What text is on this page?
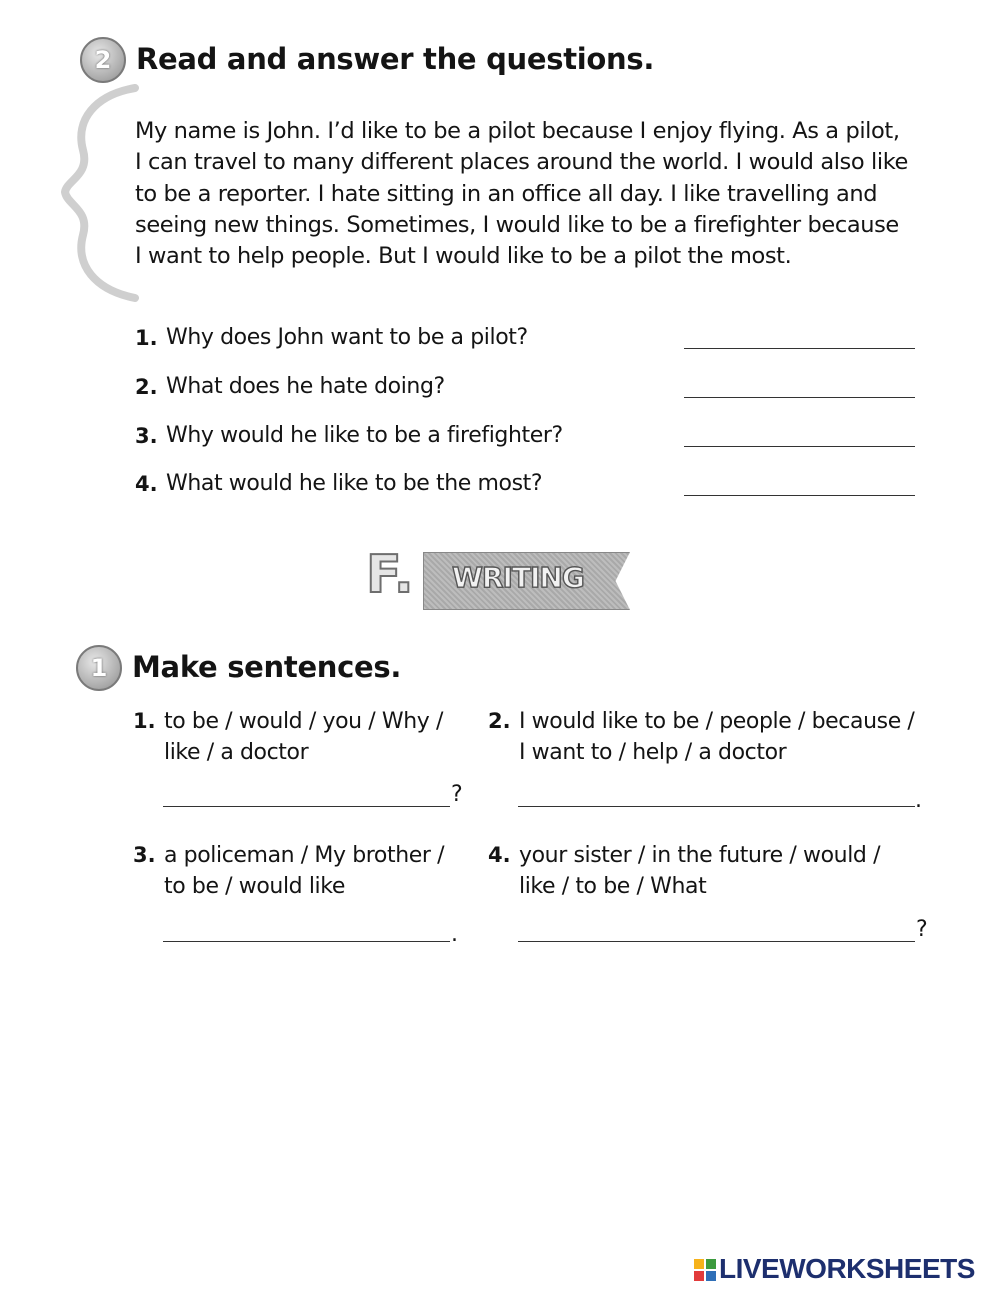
2 Read and answer the questions.
My name is John. I’d like to be a pilot because I enjoy flying. As a pilot,
I can travel to many different places around the world. I would also like
to be a reporter. I hate sitting in an office all day. I like travelling and
seeing new things. Sometimes, I would like to be a firefighter because
I want to help people. But I would like to be a pilot the most.
1. Why does John want to be a pilot?
2. What does he hate doing?
3. Why would he like to be a firefighter?
4. What would he like to be the most?
F. WRITING
1 Make sentences.
1. to be / would / you / Why /
like / a doctor
?
2. I would like to be / people / because /
I want to / help / a doctor
.
3. a policeman / My brother /
to be / would like
.
4. your sister / in the future / would /
like / to be / What
?
LIVEWORKSHEETS
